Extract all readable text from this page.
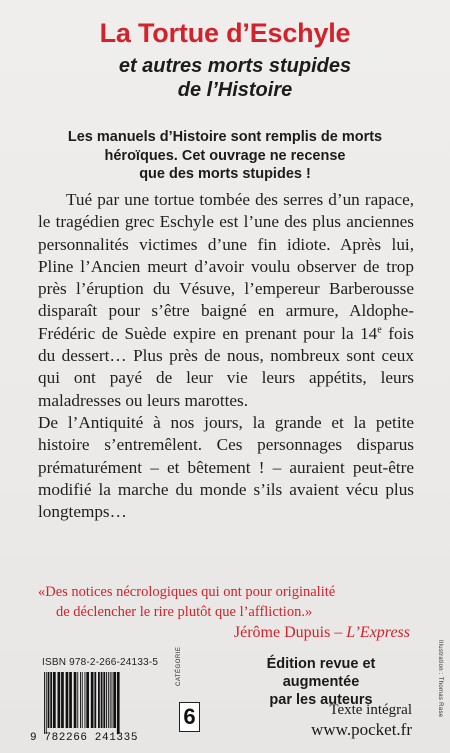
La Tortue d’Eschyle
et autres morts stupides
de l’Histoire
Les manuels d’Histoire sont remplis de morts
héroïques. Cet ouvrage ne recense
que des morts stupides !

Tué par une tortue tombée des serres d’un rapace, le tragédien grec Eschyle est l’une des plus anciennes personnalités victimes d’une fin idiote. Après lui, Pline l’Ancien meurt d’avoir voulu observer de trop près l’éruption du Vésuve, l’empereur Barberousse disparaît pour s’être baigné en armure, Aldophe-Frédéric de Suède expire en prenant pour la 14e fois du dessert… Plus près de nous, nombreux sont ceux qui ont payé de leur vie leurs appétits, leurs maladresses ou leurs marottes.

De l’Antiquité à nos jours, la grande et la petite histoire s’entremêlent. Ces personnages disparus prématurément – et bêtement ! – auraient peut-être modifié la marche du monde s’ils avaient vécu plus longtemps…

«Des notices nécrologiques qui ont pour originalité
de déclencher le rire plutôt que l’affliction.»
Jérôme Dupuis – L’Express
ISBN 978-2-266-24133-5
9 782266 241335
CATÉGORIE
6
Édition revue et augmentée
par les auteurs
Texte intégral
www.pocket.fr
Illustration : Thomas Rase
